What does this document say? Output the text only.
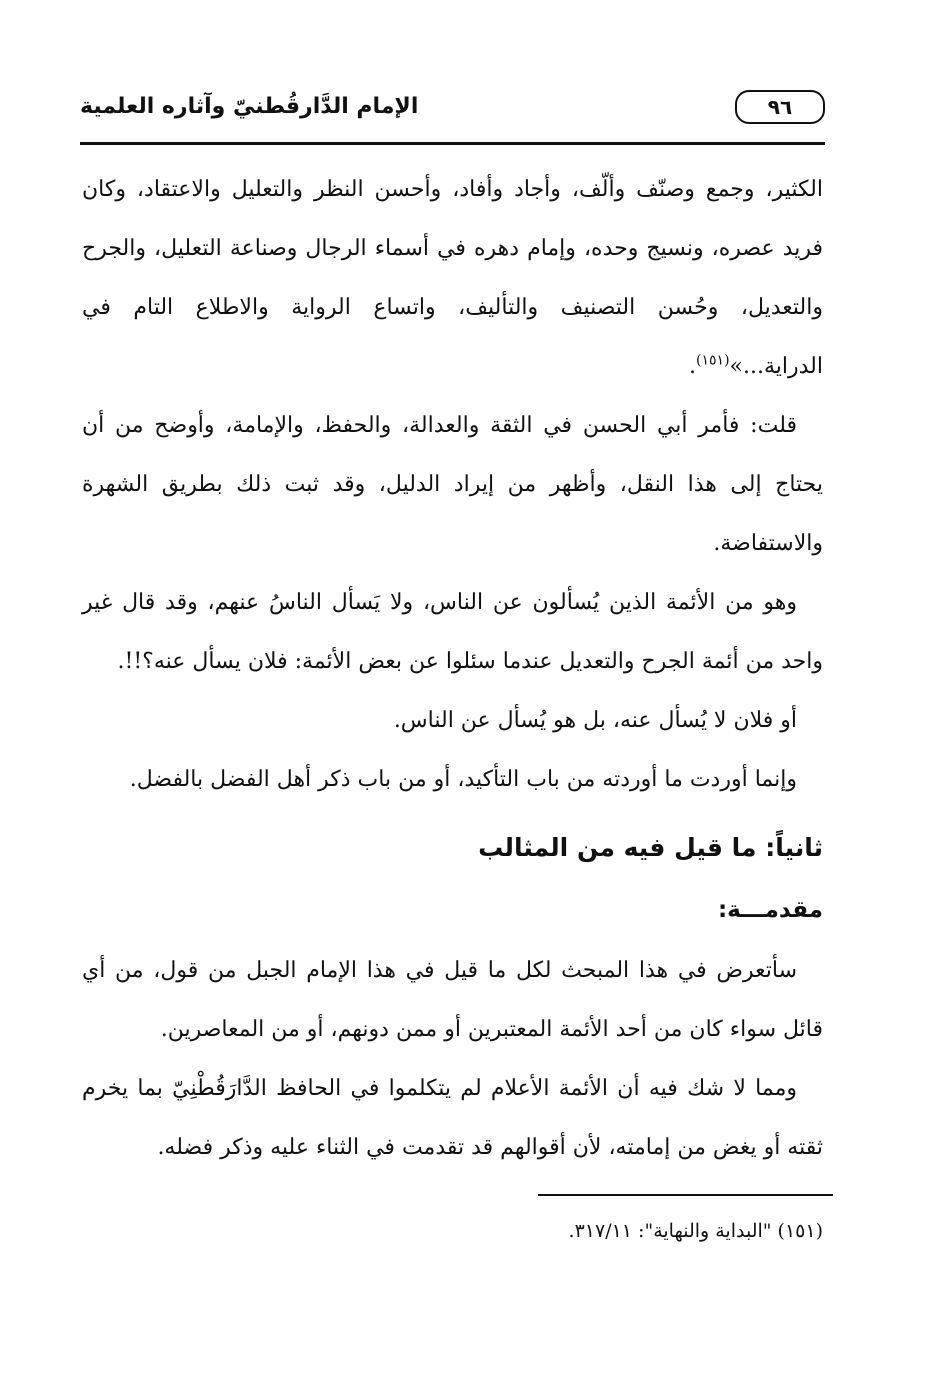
٩٦
الإمام الدَّارقُطنيّ وآثاره العلمية

الكثير، وجمع وصنّف وألّف، وأجاد وأفاد، وأحسن النظر والتعليل والاعتقاد، وكان فريد عصره، ونسيج وحده، وإمام دهره في أسماء الرجال وصناعة التعليل، والجرح والتعديل، وحُسن التصنيف والتأليف، واتساع الرواية والاطلاع التام في الدراية...»$^{(١٥١)}$.

قلت: فأمر أبي الحسن في الثقة والعدالة، والحفظ، والإمامة، وأوضح من أن يحتاج إلى هذا النقل، وأظهر من إيراد الدليل، وقد ثبت ذلك بطريق الشهرة والاستفاضة.

وهو من الأئمة الذين يُسألون عن الناس، ولا يَسأل الناسُ عنهم، وقد قال غير واحد من أئمة الجرح والتعديل عندما سئلوا عن بعض الأئمة: فلان يسأل عنه؟!!.

أو فلان لا يُسأل عنه، بل هو يُسأل عن الناس.

وإنما أوردت ما أوردته من باب التأكيد، أو من باب ذكر أهل الفضل بالفضل.

ثانياً: ما قيل فيه من المثالب
مقدمـــة:

سأتعرض في هذا المبحث لكل ما قيل في هذا الإمام الجبل من قول، من أي قائل سواء كان من أحد الأئمة المعتبرين أو ممن دونهم، أو من المعاصرين.

ومما لا شك فيه أن الأئمة الأعلام لم يتكلموا في الحافظ الدَّارَقُطْنِيّ بما يخرم ثقته أو يغض من إمامته، لأن أقوالهم قد تقدمت في الثناء عليه وذكر فضله.

(١٥١) "البداية والنهاية": ٣١٧/١١.
